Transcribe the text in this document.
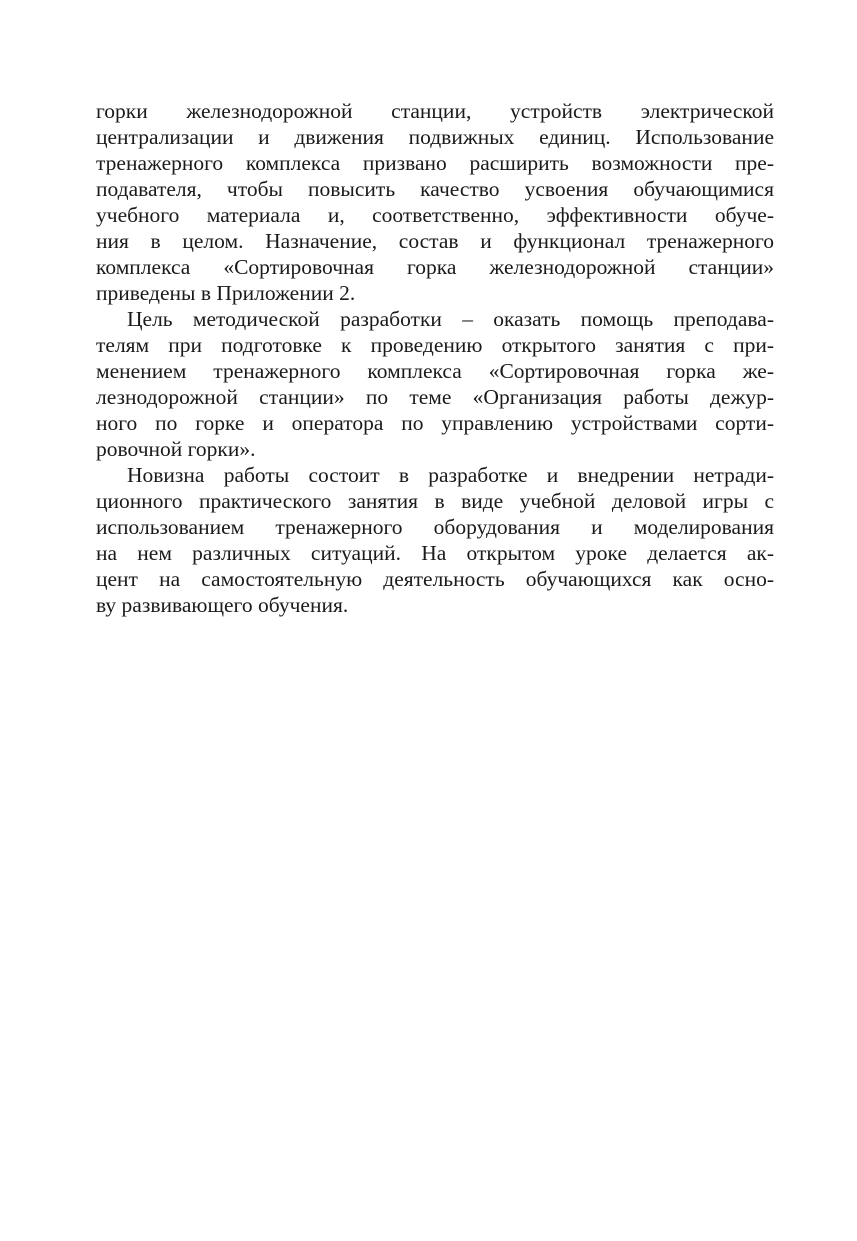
горки железнодорожной станции, устройств электрической
централизации и движения подвижных единиц. Использование
тренажерного комплекса призвано расширить возможности пре-
подавателя, чтобы повысить качество усвоения обучающимися
учебного материала и, соответственно, эффективности обуче-
ния в целом. Назначение, состав и функционал тренажерного
комплекса «Сортировочная горка железнодорожной станции»
приведены в Приложении 2.

Цель методической разработки – оказать помощь преподава-
телям при подготовке к проведению открытого занятия с при-
менением тренажерного комплекса «Сортировочная горка же-
лезнодорожной станции» по теме «Организация работы дежур-
ного по горке и оператора по управлению устройствами сорти-
ровочной горки».

Новизна работы состоит в разработке и внедрении нетради-
ционного практического занятия в виде учебной деловой игры с
использованием тренажерного оборудования и моделирования
на нем различных ситуаций. На открытом уроке делается ак-
цент на самостоятельную деятельность обучающихся как осно-
ву развивающего обучения.
